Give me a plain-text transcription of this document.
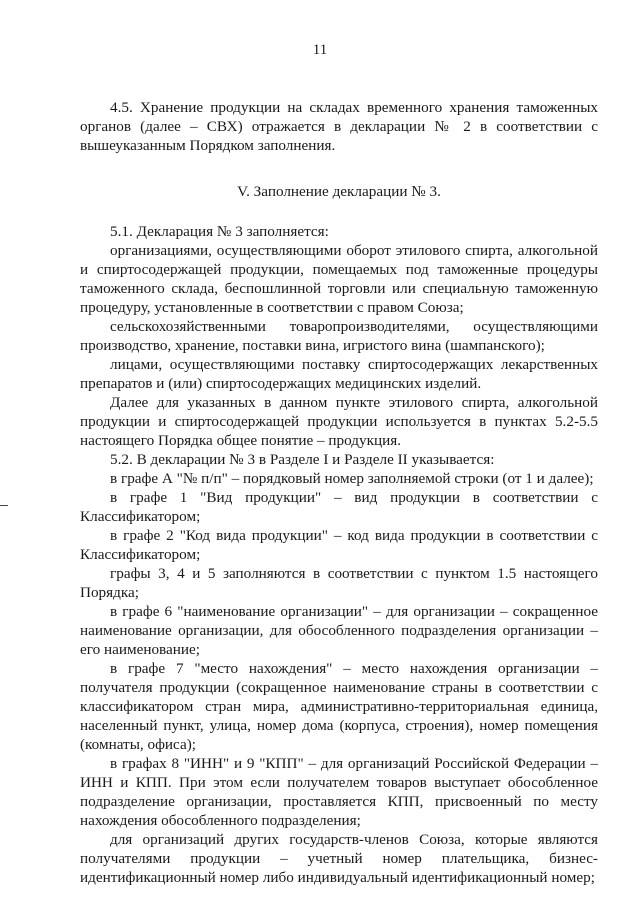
11

4.5. Хранение продукции на складах временного хранения таможенных органов (далее – СВХ) отражается в декларации № 2 в соответствии с вышеуказанным Порядком заполнения.

V. Заполнение декларации № 3.

5.1. Декларация № 3 заполняется:

организациями, осуществляющими оборот этилового спирта, алкогольной и спиртосодержащей продукции, помещаемых под таможенные процедуры таможенного склада, беспошлинной торговли или специальную таможенную процедуру, установленные в соответствии с правом Союза;

сельскохозяйственными товаропроизводителями, осуществляющими производство, хранение, поставки вина, игристого вина (шампанского);

лицами, осуществляющими поставку спиртосодержащих лекарственных препаратов и (или) спиртосодержащих медицинских изделий.

Далее для указанных в данном пункте этилового спирта, алкогольной продукции и спиртосодержащей продукции используется в пунктах 5.2-5.5 настоящего Порядка общее понятие – продукция.

5.2. В декларации № 3 в Разделе I и Разделе II указывается:

в графе А "№ п/п" – порядковый номер заполняемой строки (от 1 и далее);

в графе 1 "Вид продукции" – вид продукции в соответствии с Классификатором;

в графе 2 "Код вида продукции" – код вида продукции в соответствии с Классификатором;

графы 3, 4 и 5 заполняются в соответствии с пунктом 1.5 настоящего Порядка;

в графе 6 "наименование организации" – для организации – сокращенное наименование организации, для обособленного подразделения организации – его наименование;

в графе 7 "место нахождения" – место нахождения организации – получателя продукции (сокращенное наименование страны в соответствии с классификатором стран мира, административно-территориальная единица, населенный пункт, улица, номер дома (корпуса, строения), номер помещения (комнаты, офиса);

в графах 8 "ИНН" и 9 "КПП" – для организаций Российской Федерации – ИНН и КПП. При этом если получателем товаров выступает обособленное подразделение организации, проставляется КПП, присвоенный по месту нахождения обособленного подразделения;

для организаций других государств-членов Союза, которые являются получателями продукции – учетный номер плательщика, бизнес-идентификационный номер либо индивидуальный идентификационный номер;
